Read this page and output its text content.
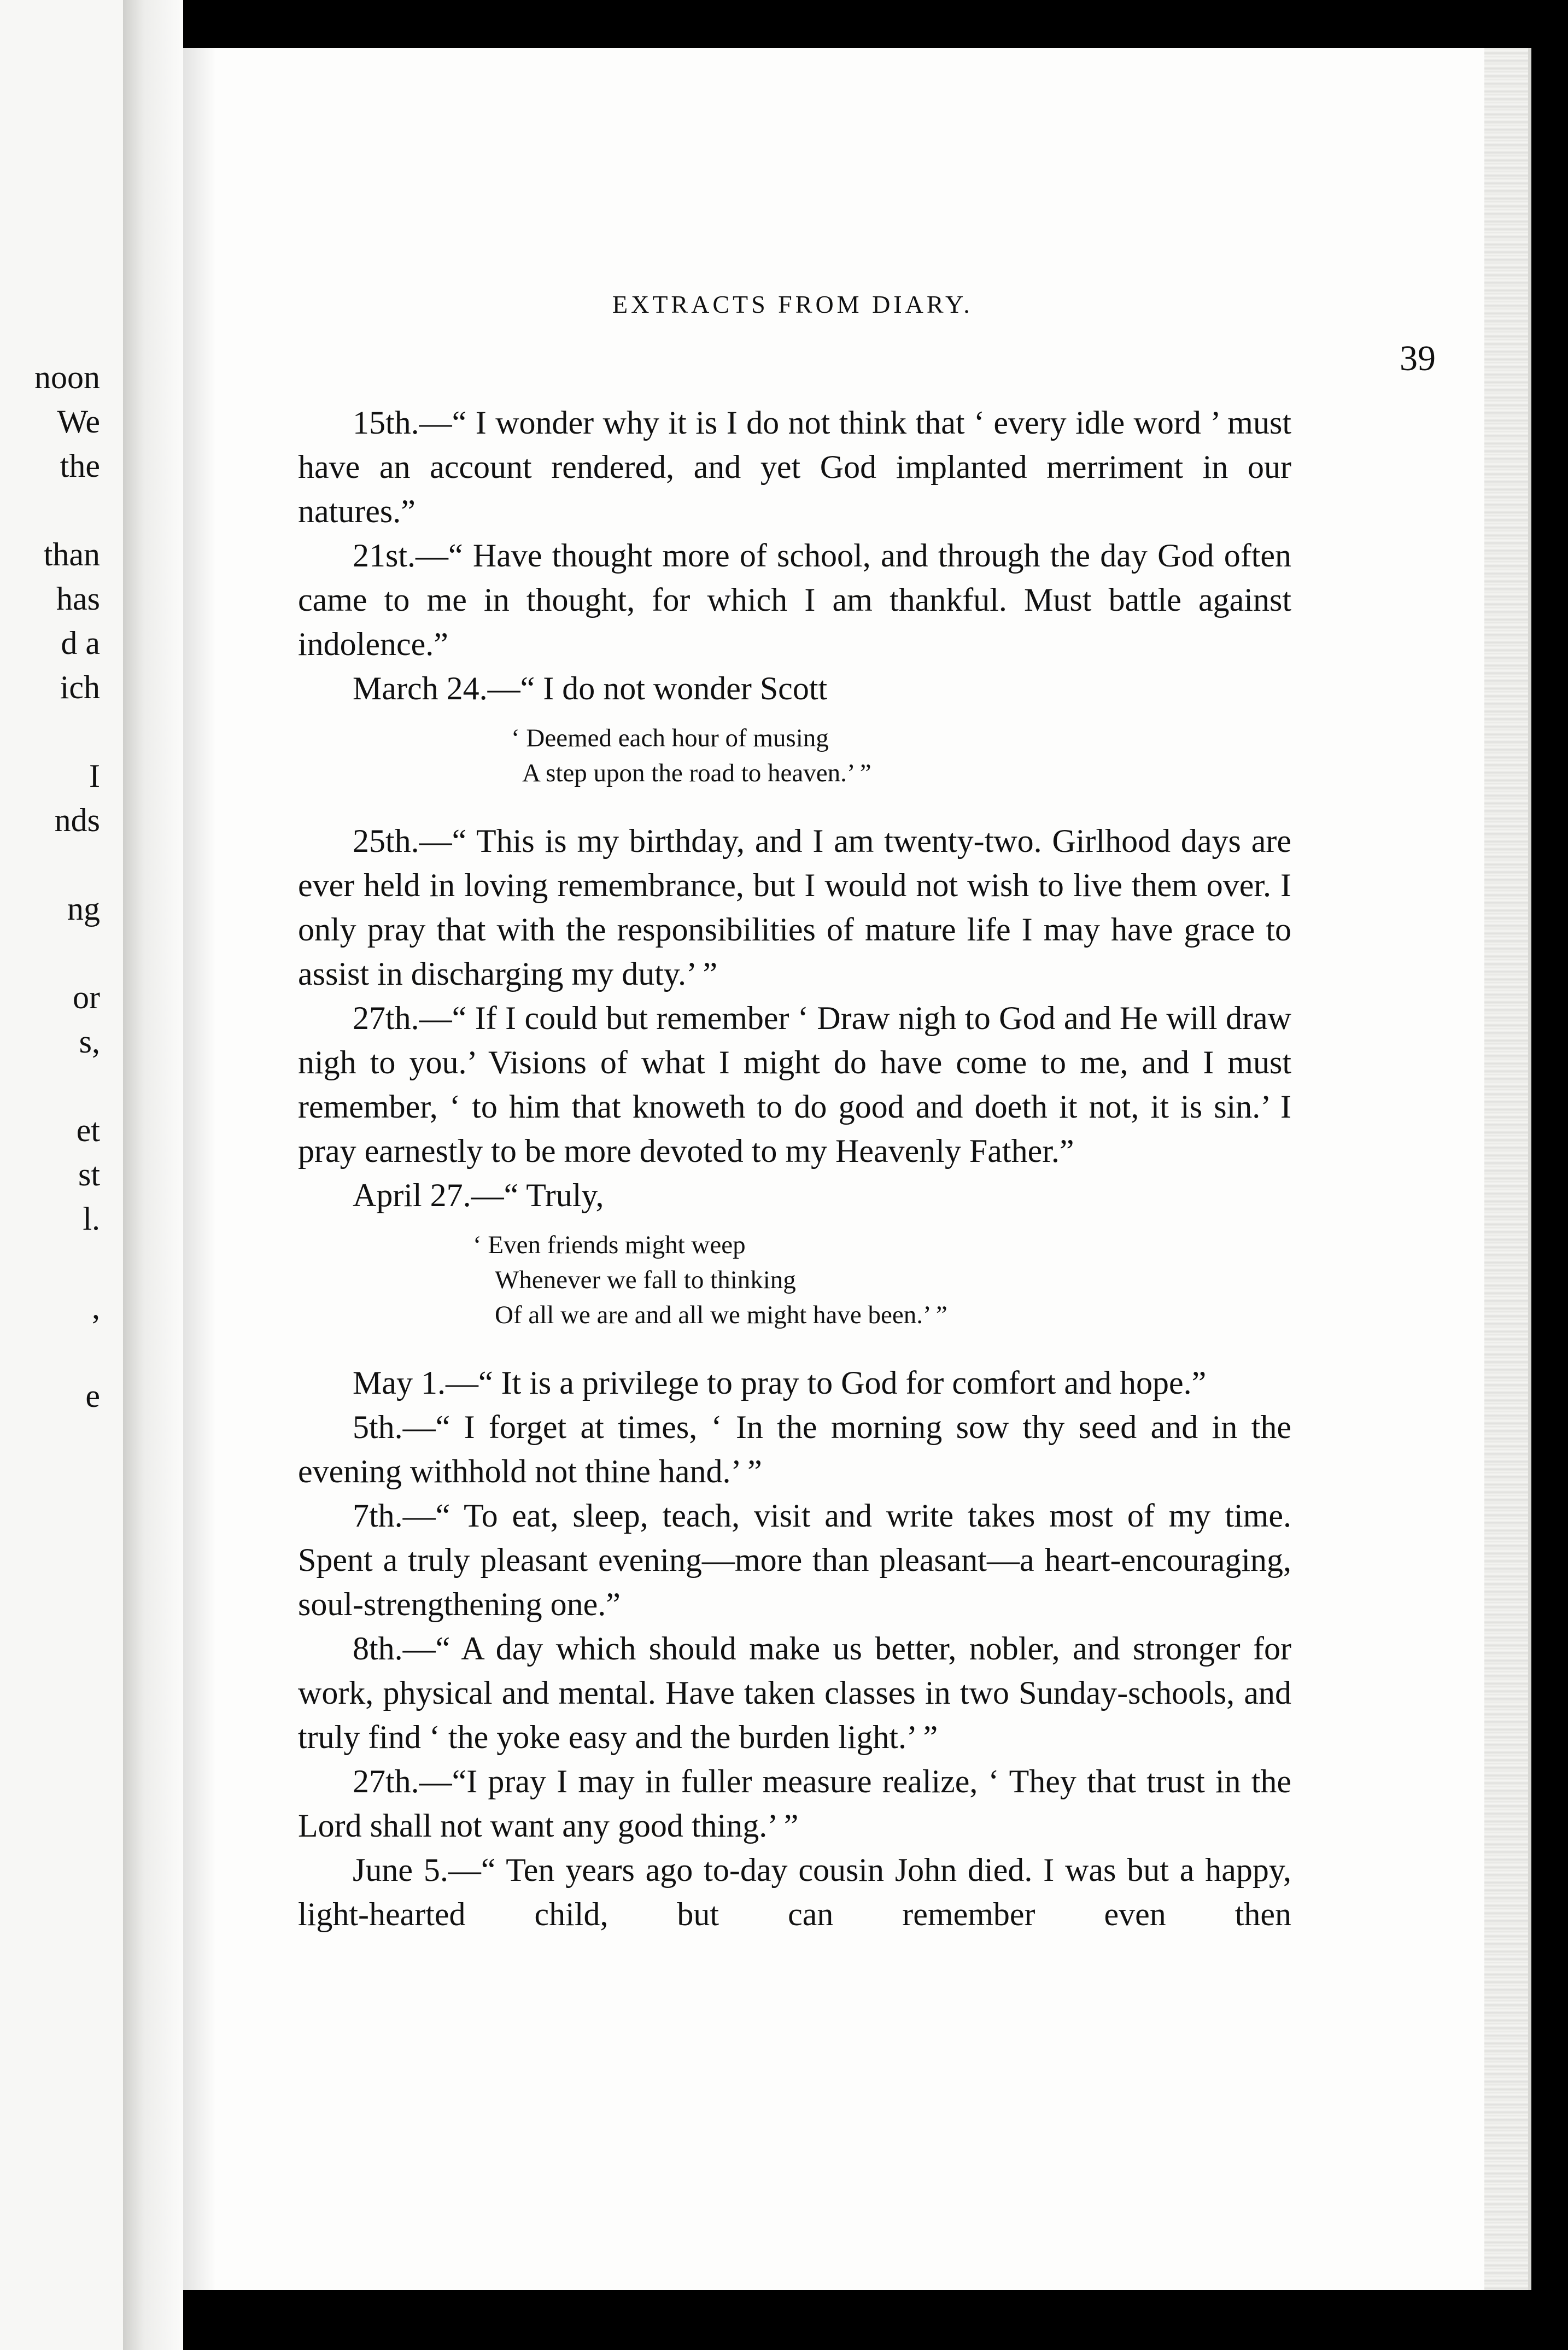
noon
We
the
than
has
d a
ich
I
nds
ng
or
s,
et
st
l.
,
e
EXTRACTS FROM DIARY.
39

15th.—“ I wonder why it is I do not think that ‘ every idle word ’ must have an account rendered, and yet God implanted merriment in our natures.”

21st.—“ Have thought more of school, and through the day God often came to me in thought, for which I am thankful. Must battle against indolence.”

March 24.—“ I do not wonder Scott

‘ Deemed each hour of musing
A step upon the road to heaven.’ ”

25th.—“ This is my birthday, and I am twenty-two. Girlhood days are ever held in loving remembrance, but I would not wish to live them over. I only pray that with the responsibilities of mature life I may have grace to assist in discharging my duty.’ ”

27th.—“ If I could but remember ‘ Draw nigh to God and He will draw nigh to you.’ Visions of what I might do have come to me, and I must remember, ‘ to him that knoweth to do good and doeth it not, it is sin.’ I pray earnestly to be more devoted to my Heavenly Father.”

April 27.—“ Truly,

‘ Even friends might weep
Whenever we fall to thinking
Of all we are and all we might have been.’ ”

May 1.—“ It is a privilege to pray to God for comfort and hope.”

5th.—“ I forget at times, ‘ In the morning sow thy seed and in the evening withhold not thine hand.’ ”

7th.—“ To eat, sleep, teach, visit and write takes most of my time. Spent a truly pleasant evening—more than pleasant—a heart-encouraging, soul-strengthening one.”

8th.—“ A day which should make us better, nobler, and stronger for work, physical and mental. Have taken classes in two Sunday-schools, and truly find ‘ the yoke easy and the burden light.’ ”

27th.—“I pray I may in fuller measure realize, ‘ They that trust in the Lord shall not want any good thing.’ ”

June 5.—“ Ten years ago to-day cousin John died. I was but a happy, light-hearted child, but can remember even then
